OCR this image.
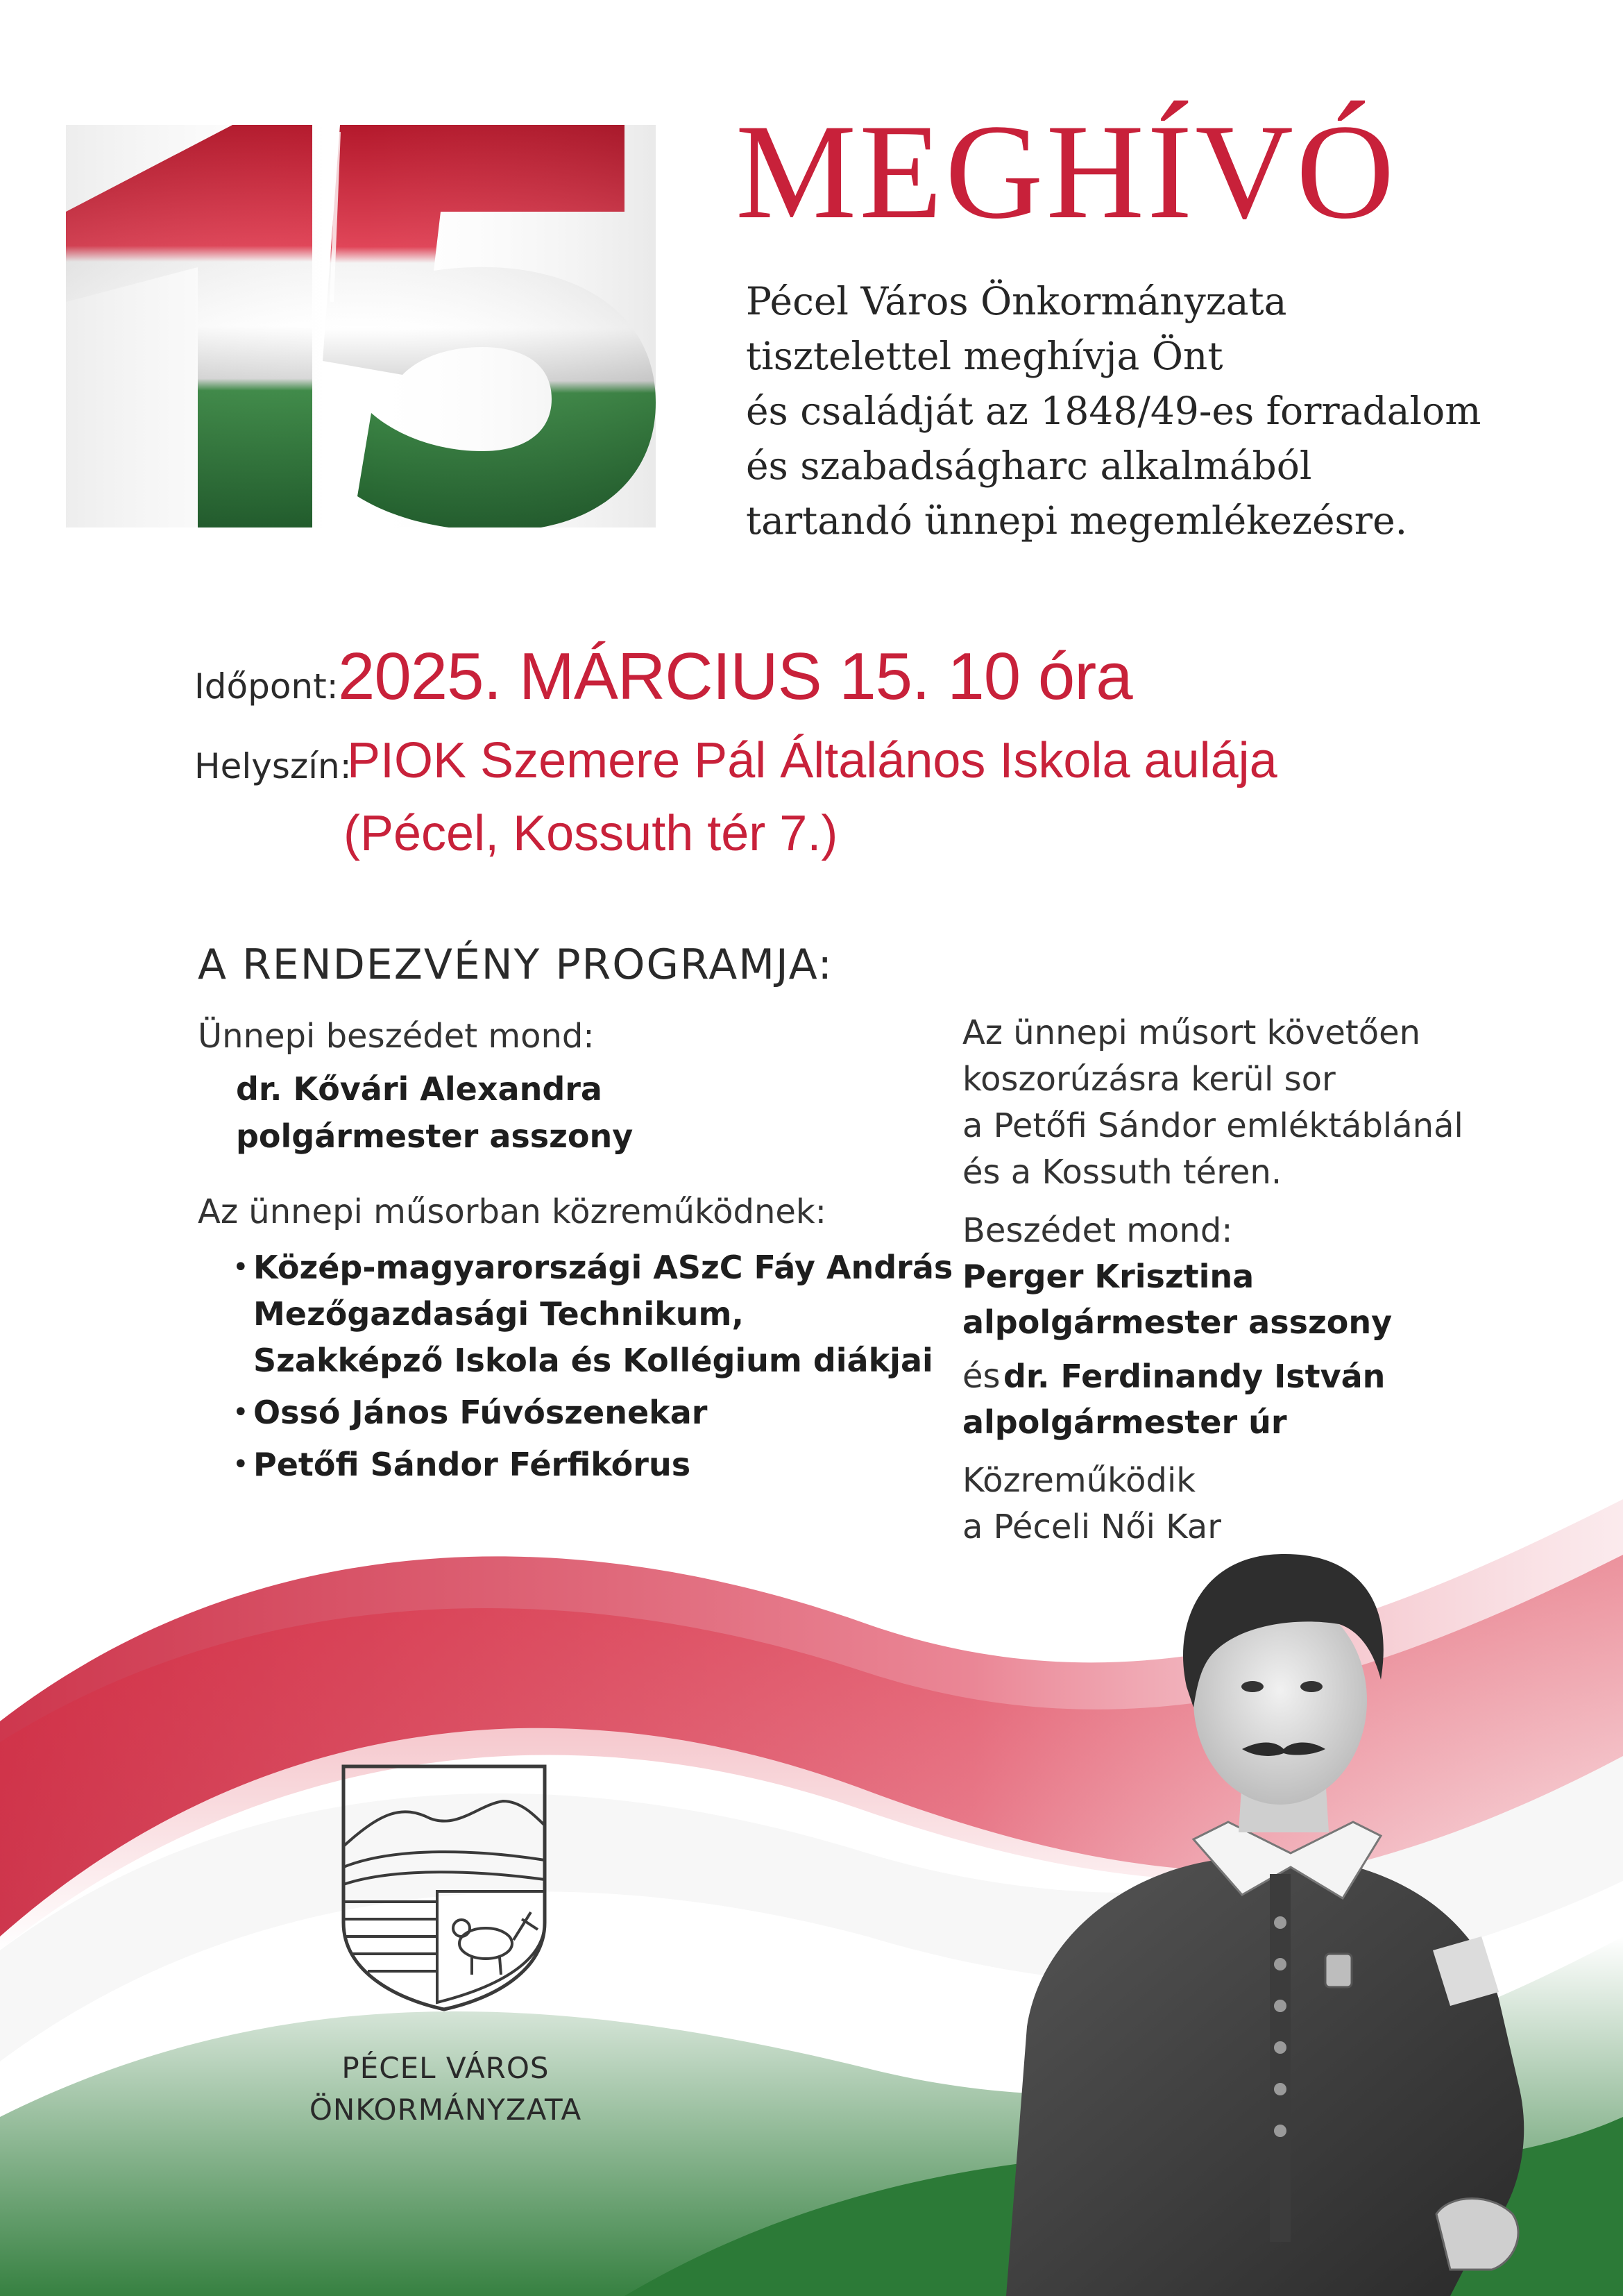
MEGHÍVÓ
Pécel Város Önkormányzata
tisztelettel meghívja Önt
és családját az 1848/49-es forradalom
és szabadságharc alkalmából
tartandó ünnepi megemlékezésre.
Időpont: 2025. MÁRCIUS 15. 10 óra
Helyszín:
PIOK Szemere Pál Általános Iskola aulája
(Pécel, Kossuth tér 7.)
A RENDEZVÉNY PROGRAMJA:
Ünnepi beszédet mond:
dr. Kővári Alexandra
polgármester asszony
Az ünnepi műsorban közreműködnek:
• Közép-magyarországi ASzC Fáy András
Mezőgazdasági Technikum,
Szakképző Iskola és Kollégium diákjai
• Ossó János Fúvószenekar
• Petőfi Sándor Férfikórus
Az ünnepi műsort követően
koszorúzásra kerül sor
a Petőfi Sándor emléktáblánál
és a Kossuth téren.
Beszédet mond:
Perger Krisztina
alpolgármester asszony
és dr. Ferdinandy István
alpolgármester úr
Közreműködik
a Péceli Női Kar
PÉCEL VÁROS
ÖNKORMÁNYZATA
